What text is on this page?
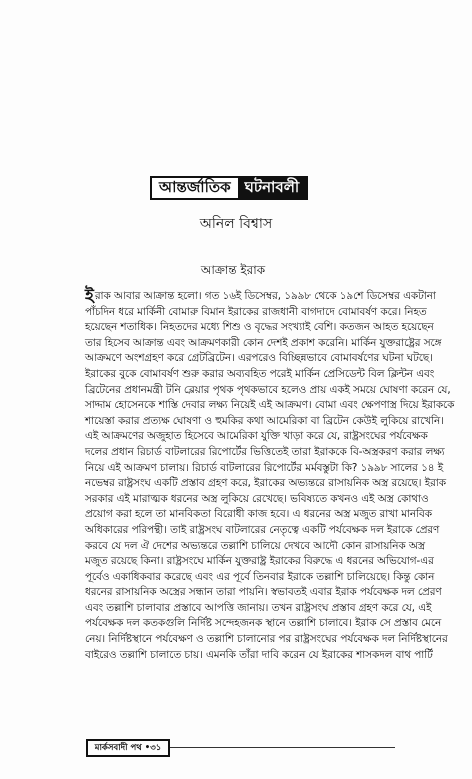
আন্তর্জাতিক ঘটনাবলী
অনিল বিশ্বাস
আক্রান্ত ইরাক
ই রাক আবার আক্রান্ত হলো। গত ১৬ই ডিসেম্বর, ১৯৯৮ থেকে ১৯শে ডিসেম্বর একটানা
পাঁচদিন ধরে মার্কিনী বোমারু বিমান ইরাকের রাজধানী বাগদাদে বোমাবর্ষণ করে। নিহত
হয়েছেন শতাধিক। নিহতদের মধ্যে শিশু ও বৃদ্ধের সংখ্যাই বেশি। কতজন আহত হয়েছেন
তার হিসেব আক্রান্ত এবং আক্রমণকারী কোন দেশই প্রকাশ করেনি। মার্কিন যুক্তরাষ্ট্রের সঙ্গে
আক্রমণে অংশগ্রহণ করে গ্রেটব্রিটেন। এরপরেও বিচ্ছিন্নভাবে বোমাবর্ষণের ঘটনা ঘটছে।
ইরাকের বুকে বোমাবর্ষণ শুরু করার অব্যবহিত পরেই মার্কিন প্রেসিডেন্ট বিল ক্লিন্টন এবং
ব্রিটেনের প্রধানমন্ত্রী টনি ব্লেয়ার পৃথক পৃথকভাবে হলেও প্রায় একই সময়ে ঘোষণা করেন যে,
সাদ্দাম হোসেনকে শাস্তি দেবার লক্ষ্য নিয়েই এই আক্রমণ। বোমা এবং ক্ষেপণাস্ত্র দিয়ে ইরাককে
শায়েস্তা করার প্রত্যক্ষ ঘোষণা ও হুমকির কথা আমেরিকা বা ব্রিটেন কেউই লুকিয়ে রাখেনি।
এই আক্রমণের অজুহাত হিসেবে আমেরিকা যুক্তি খাড়া করে যে, রাষ্ট্রসংঘের পর্যবেক্ষক
দলের প্রধান রিচার্ড বাটলারের রিপোর্টের ভিত্তিতেই তারা ইরাককে বি-অস্ত্রকরণ করার লক্ষ্য
নিয়ে এই আক্রমণ চালায়। রিচার্ড বাটলারের রিপোর্টের মর্মবস্তুটা কি? ১৯৯৮ সালের ১৪ ই
নভেম্বর রাষ্ট্রসংঘ একটি প্রস্তাব গ্রহণ করে, ইরাকের অভ্যন্তরে রাসায়নিক অস্ত্র রয়েছে। ইরাক
সরকার এই মারাত্মক ধরনের অস্ত্র লুকিয়ে রেখেছে। ভবিষ্যতে কখনও এই অস্ত্র কোথাও
প্রয়োগ করা হলে তা মানবিকতা বিরোধী কাজ হবে। এ ধরনের অস্ত্র মজুত রাখা মানবিক
অধিকারের পরিপন্থী। তাই রাষ্ট্রসংঘ বাটলারের নেতৃত্বে একটি পর্যবেক্ষক দল ইরাকে প্রেরণ
করবে যে দল ঐ দেশের অভ্যন্তরে তল্লাশি চালিয়ে দেখবে আদৌ কোন রাসায়নিক অস্ত্র
মজুত রয়েছে কিনা। রাষ্ট্রসংঘে মার্কিন যুক্তরাষ্ট্র ইরাকের বিরুদ্ধে এ ধরনের অভিযোগ-এর
পূর্বেও একাধিকবার করেছে এবং এর পূর্বে তিনবার ইরাকে তল্লাশি চালিয়েছে। কিন্তু কোন
ধরনের রাসায়নিক অস্ত্রের সন্ধান তারা পায়নি। স্বভাবতই এবার ইরাক পর্যবেক্ষক দল প্রেরণ
এবং তল্লাশি চালাবার প্রস্তাবে আপত্তি জানায়। তখন রাষ্ট্রসংঘ প্রস্তাব গ্রহণ করে যে, এই
পর্যবেক্ষক দল কতকগুলি নির্দিষ্ট সন্দেহজনক স্থানে তল্লাশি চালাবে। ইরাক সে প্রস্তাব মেনে
নেয়। নির্দিষ্টস্থানে পর্যবেক্ষণ ও তল্লাশি চালানোর পর রাষ্ট্রসংঘের পর্যবেক্ষক দল নির্দিষ্টস্থানের
বাইরেও তল্লাশি চালাতে চায়। এমনকি তাঁরা দাবি করেন যে ইরাকের শাসকদল বাথ পার্টি
মার্কসবাদী পথ •৩১
